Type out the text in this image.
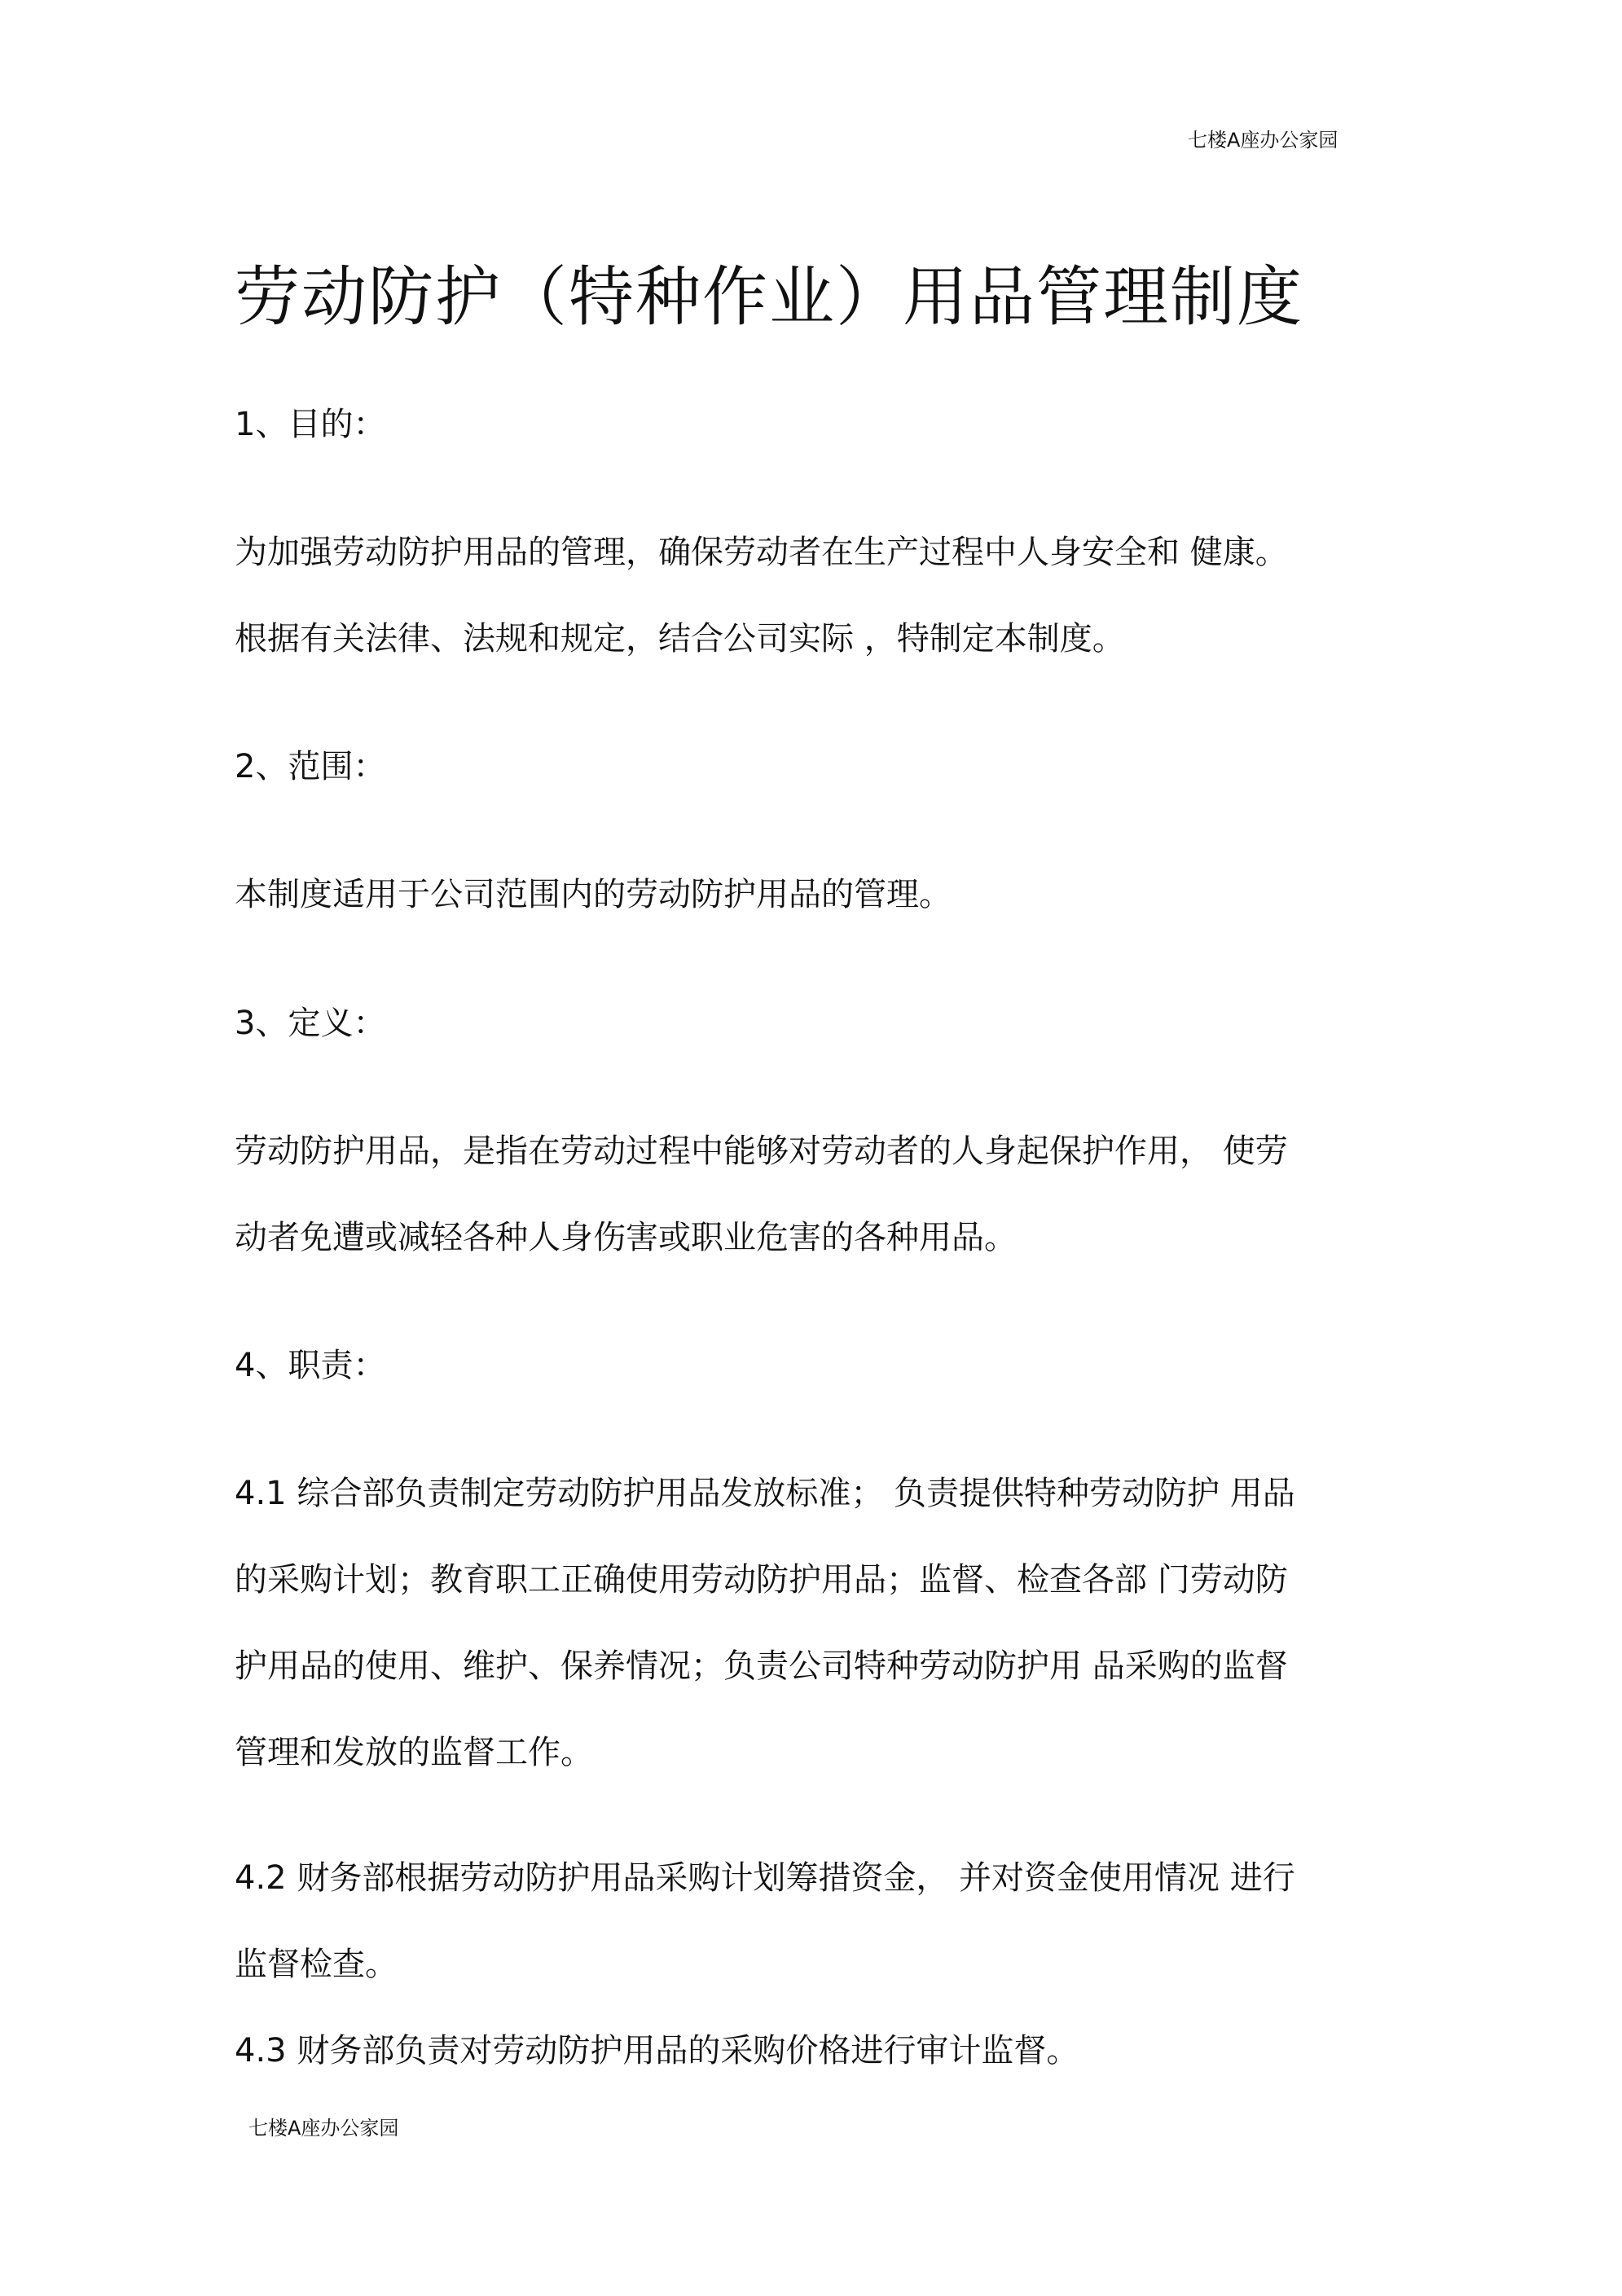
七楼A座办公家园
劳动防护（特种作业）用品管理制度
1、目的：
为加强劳动防护用品的管理，确保劳动者在生产过程中人身安全和 健康。
根据有关法律、法规和规定，结合公司实际 ，特制定本制度。
2、范围：
本制度适用于公司范围内的劳动防护用品的管理。
3、定义：
劳动防护用品，是指在劳动过程中能够对劳动者的人身起保护作用， 使劳
动者免遭或减轻各种人身伤害或职业危害的各种用品。
4、职责：
4.1 综合部负责制定劳动防护用品发放标准； 负责提供特种劳动防护 用品
的采购计划；教育职工正确使用劳动防护用品；监督、检查各部 门劳动防
护用品的使用、维护、保养情况；负责公司特种劳动防护用 品采购的监督
管理和发放的监督工作。
4.2 财务部根据劳动防护用品采购计划筹措资金， 并对资金使用情况 进行
监督检查。
4.3 财务部负责对劳动防护用品的采购价格进行审计监督。
七楼A座办公家园
